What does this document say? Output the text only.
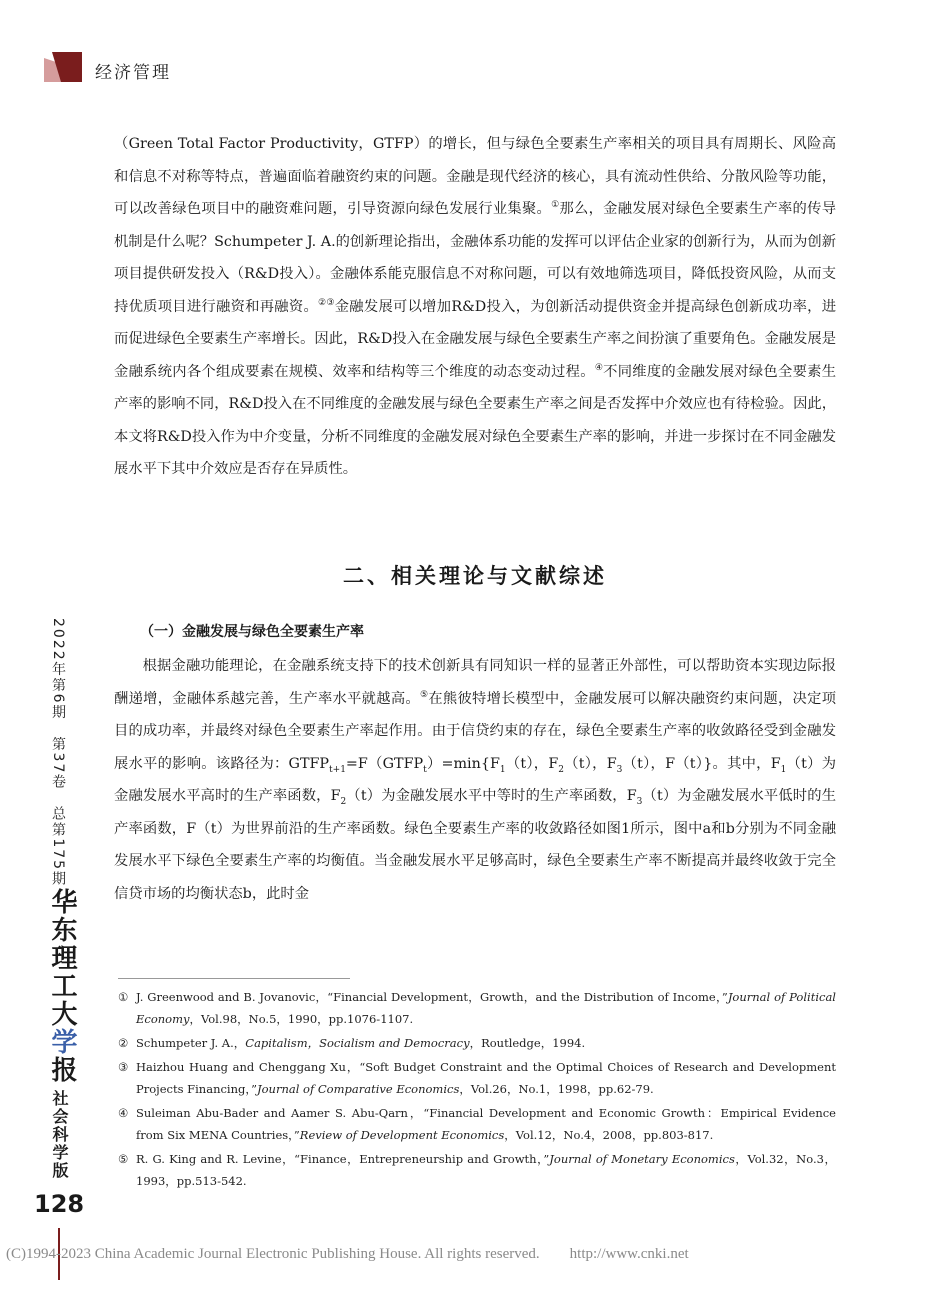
经济管理

（Green Total Factor Productivity，GTFP）的增长，但与绿色全要素生产率相关的项目具有周期长、风险高和信息不对称等特点，普遍面临着融资约束的问题。金融是现代经济的核心，具有流动性供给、分散风险等功能，可以改善绿色项目中的融资难问题，引导资源向绿色发展行业集聚。①那么，金融发展对绿色全要素生产率的传导机制是什么呢？Schumpeter J. A.的创新理论指出，金融体系功能的发挥可以评估企业家的创新行为，从而为创新项目提供研发投入（R&D投入）。金融体系能克服信息不对称问题，可以有效地筛选项目，降低投资风险，从而支持优质项目进行融资和再融资。②③金融发展可以增加R&D投入，为创新活动提供资金并提高绿色创新成功率，进而促进绿色全要素生产率增长。因此，R&D投入在金融发展与绿色全要素生产率之间扮演了重要角色。金融发展是金融系统内各个组成要素在规模、效率和结构等三个维度的动态变动过程。④不同维度的金融发展对绿色全要素生产率的影响不同，R&D投入在不同维度的金融发展与绿色全要素生产率之间是否发挥中介效应也有待检验。因此，本文将R&D投入作为中介变量，分析不同维度的金融发展对绿色全要素生产率的影响，并进一步探讨在不同金融发展水平下其中介效应是否存在异质性。

二、相关理论与文献综述
（一）金融发展与绿色全要素生产率

根据金融功能理论，在金融系统支持下的技术创新具有同知识一样的显著正外部性，可以帮助资本实现边际报酬递增，金融体系越完善，生产率水平就越高。⑤在熊彼特增长模型中，金融发展可以解决融资约束问题，决定项目的成功率，并最终对绿色全要素生产率起作用。由于信贷约束的存在，绿色全要素生产率的收敛路径受到金融发展水平的影响。该路径为：$GTFP_{t+1}=F(GTFP_t)=\min\{F_1(t)$，$F_2(t)$，$F_3(t)$，F（t）}。其中，$F_1(t)$为金融发展水平高时的生产率函数，$F_2(t)$为金融发展水平中等时的生产率函数，$F_3(t)$为金融发展水平低时的生产率函数，F（t）为世界前沿的生产率函数。绿色全要素生产率的收敛路径如图1所示，图中a和b分别为不同金融发展水平下绿色全要素生产率的均衡值。当金融发展水平足够高时，绿色全要素生产率不断提高并最终收敛于完全信贷市场的均衡状态b，此时金

① J. Greenwood and B. Jovanovic，“Financial Development，Growth，and the Distribution of Income，”Journal of Political Economy，Vol.98，No.5，1990，pp.1076-1107.
② Schumpeter J. A.，Capitalism，Socialism and Democracy，Routledge，1994.
③ Haizhou Huang and Chenggang Xu，“Soft Budget Constraint and the Optimal Choices of Research and Development Projects Financing，”Journal of Comparative Economics，Vol.26，No.1，1998，pp.62-79.
④ Suleiman Abu-Bader and Aamer S. Abu-Qarn，“Financial Development and Economic Growth：Empirical Evidence from Six MENA Countries，”Review of Development Economics，Vol.12，No.4，2008，pp.803-817.
⑤ R. G. King and R. Levine，“Finance，Entrepreneurship and Growth，”Journal of Monetary Economics，Vol.32，No.3，1993，pp.513-542.
2022年第6期　第37卷　总第175期
华东理工大学报
社会科学版
128
(C)1994-2023 China Academic Journal Electronic Publishing House. All rights reserved.　　http://www.cnki.net
